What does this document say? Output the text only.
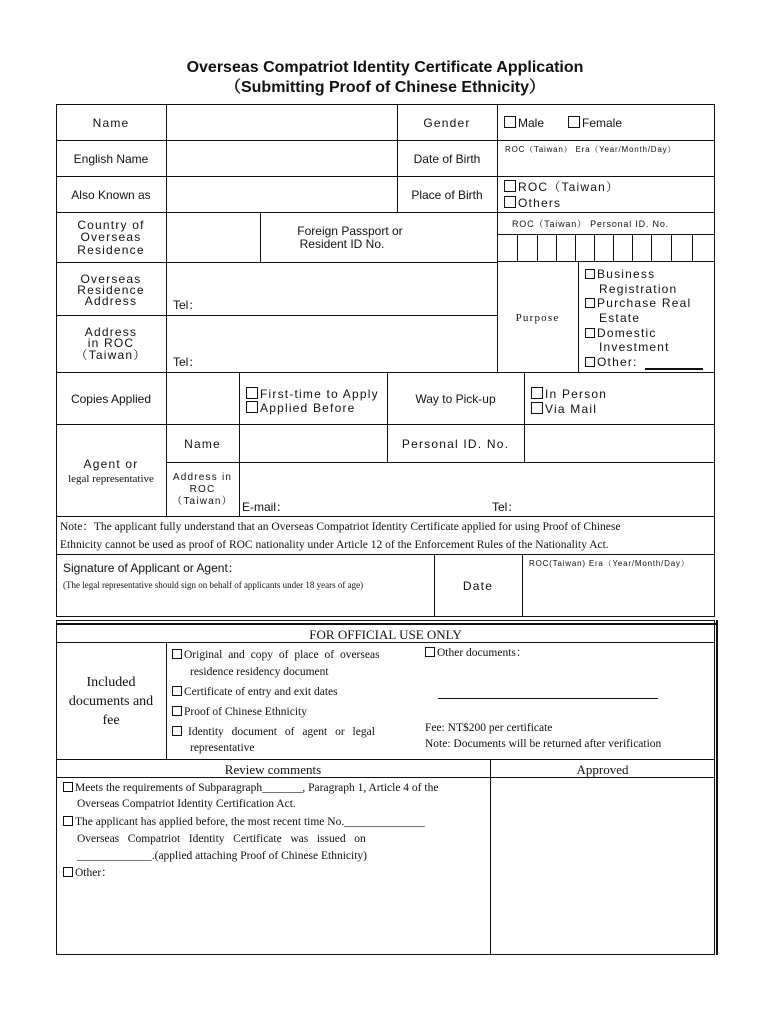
Overseas Compatriot Identity Certificate Application
（Submitting Proof of Chinese Ethnicity）
Name	Gender	Male	Female
English Name	Date of Birth
ROC（Taiwan） Era（Year/Month/Day）
Also Known as	Place of Birth
ROC（Taiwan）
Others
Country of
Overseas
Residence
Foreign Passport or
Resident ID No.
ROC（Taiwan） Personal ID. No.
Overseas
Residence
Address	Tel：
Address
in ROC
（Taiwan）	Tel：
Purpose
Business
Registration
Purchase Real
Estate
Domestic
Investment
Other:
Copies Applied	First-time to Apply
Applied Before
Way to Pick-up	In Person
Via Mail
Agent or
legal representative
Name	Personal ID. No.
Address in
ROC
（Taiwan） E-mail：	Tel：
Note：The applicant fully understand that an Overseas Compatriot Identity Certificate applied for using Proof of Chinese
Ethnicity cannot be used as proof of ROC nationality under Article 12 of the Enforcement Rules of the Nationality Act.
Signature of Applicant or Agent：
(The legal representative should sign on behalf of applicants under 18 years of age)	Date
ROC(Taiwan) Era（Year/Month/Day）
FOR OFFICIAL USE ONLY
Included
documents and
fee
Original and copy of place of overseas
residence residency document
Certificate of entry and exit dates
Proof of Chinese Ethnicity
Identity document of agent or legal
representative
Other documents：
Fee: NT$200 per certificate
Note: Documents will be returned after verification
Review comments	Approved
Meets the requirements of Subparagraph_______, Paragraph 1, Article 4 of the
Overseas Compatriot Identity Certification Act.
The applicant has applied before, the most recent time No.______________
Overseas   Compatriot   Identity   Certificate   was   issued   on
_____________.(applied attaching Proof of Chinese Ethnicity)
Other：
